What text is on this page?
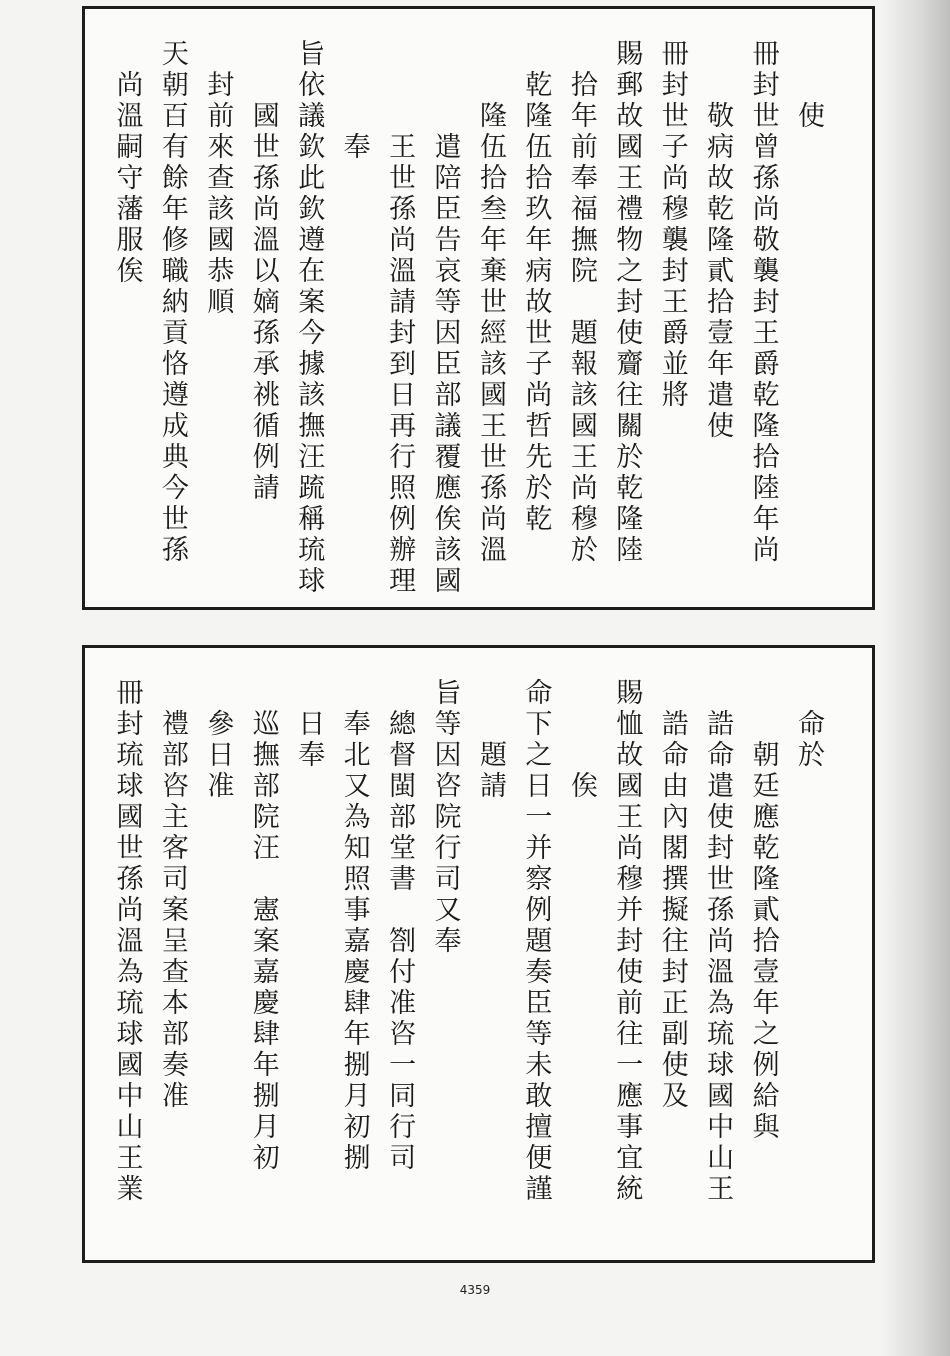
使
冊封世曾孫尚敬襲封王爵乾隆拾陸年尚
敬病故乾隆貳拾壹年遣使
冊封世子尚穆襲封王爵並將
賜郵故國王禮物之封使齎往關於乾隆陸
拾年前奉福撫院　題報該國王尚穆於
乾隆伍拾玖年病故世子尚哲先於乾
隆伍拾叁年棄世經該國王世孫尚溫
遣陪臣告哀等因臣部議覆應俟該國
王世孫尚溫請封到日再行照例辦理
奉
旨依議欽此欽遵在案今據該撫汪䟽稱琉球
國世孫尚溫以嫡孫承祧循例請
封前來查該國恭順
天朝百有餘年修職納貢恪遵成典今世孫
尚溫嗣守藩服俟
命於
朝廷應乾隆貳拾壹年之例給與
誥命遣使封世孫尚溫為琉球國中山王
誥命由內閣撰擬往封正副使及
賜恤故國王尚穆并封使前往一應事宜統
俟
命下之日一并察例題奏臣等未敢擅便謹
題請
旨等因咨院行司又奉
總督閩部堂書　劄付准咨一同行司
奉北又為知照事嘉慶肆年捌月初捌
日奉
巡撫部院汪　憲案嘉慶肆年捌月初
參日准
禮部咨主客司案呈查本部奏准
冊封琉球國世孫尚溫為琉球國中山王業
4359
